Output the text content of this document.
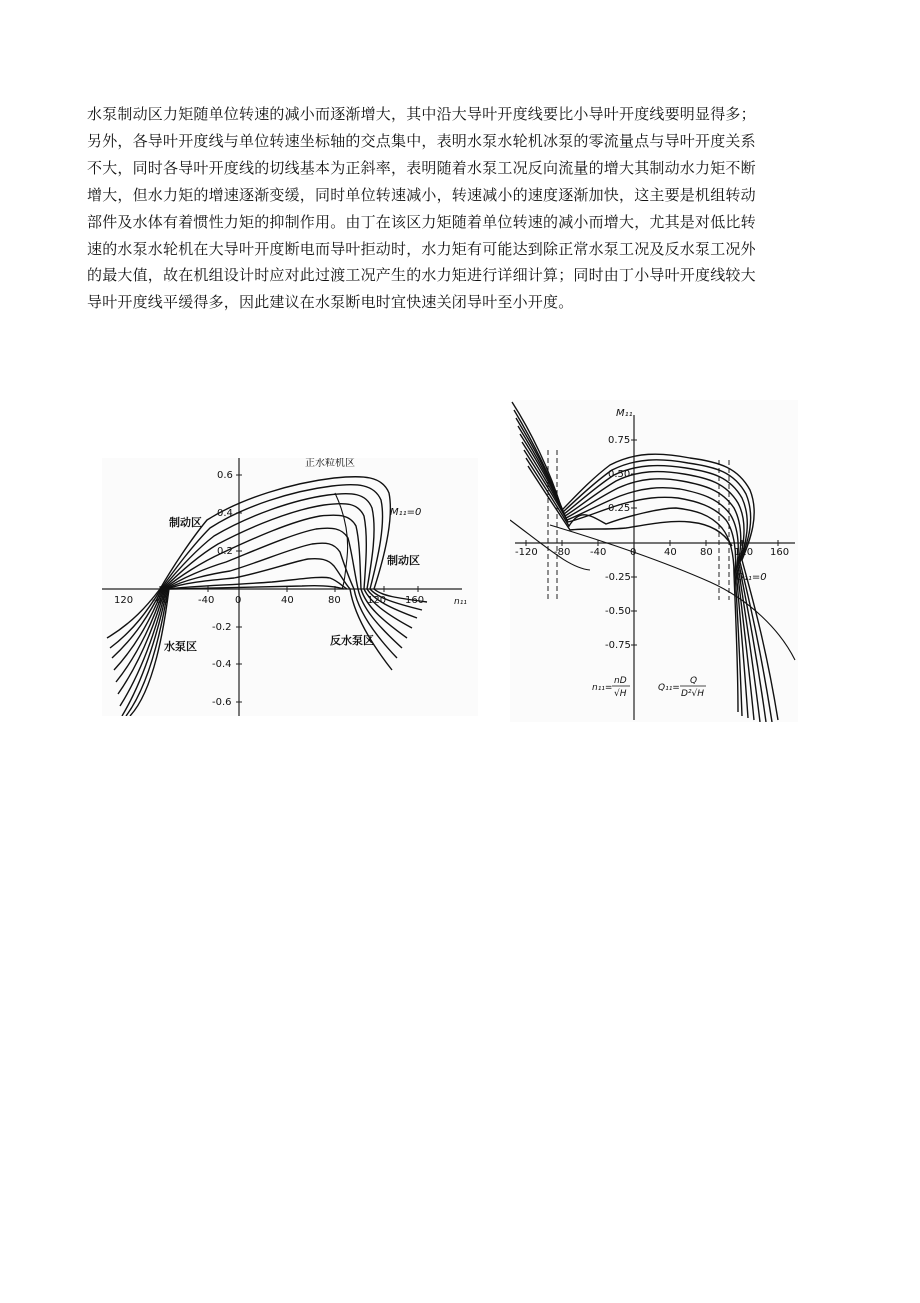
水泵制动区力矩随单位转速的减小而逐渐增大，其中沿大导叶开度线要比小导叶开度线要明显得多；
另外，各导叶开度线与单位转速坐标轴的交点集中，表明水泵水轮机冰泵的零流量点与导叶开度关系
不大，同时各导叶开度线的切线基本为正斜率，表明随着水泵工况反向流量的增大其制动水力矩不断
增大，但水力矩的增速逐渐变缓，同时单位转速减小，转速减小的速度逐渐加快，这主要是机组转动
部件及水体有着惯性力矩的抑制作用。由丁在该区力矩随着单位转速的减小而增大，尤其是对低比转
速的水泵水轮机在大导叶开度断电而导叶拒动时，水力矩有可能达到除正常水泵工况及反水泵工况外
的最大值，故在机组设计时应对此过渡工况产生的水力矩进行详细计算；同时由丁小导叶开度线较大
导叶开度线平缓得多，因此建议在水泵断电时宜快速关闭导叶至小开度。
120 -60	-40 0	40	80	120 160	n₁₁
0.6
0.4
0.2
-0.2
-0.4
-0.6
正水粒机区
制动区
制动区
水泵区	反水泵区
M₁₁=0
-120 -80 -40 0	40 80 120 160
M₁₁
0.75
0.50
0.25
-0.25
-0.50
-0.75
Q₁₁=0
n₁₁=
nD
√H
Q₁₁=
Q
D²√H
